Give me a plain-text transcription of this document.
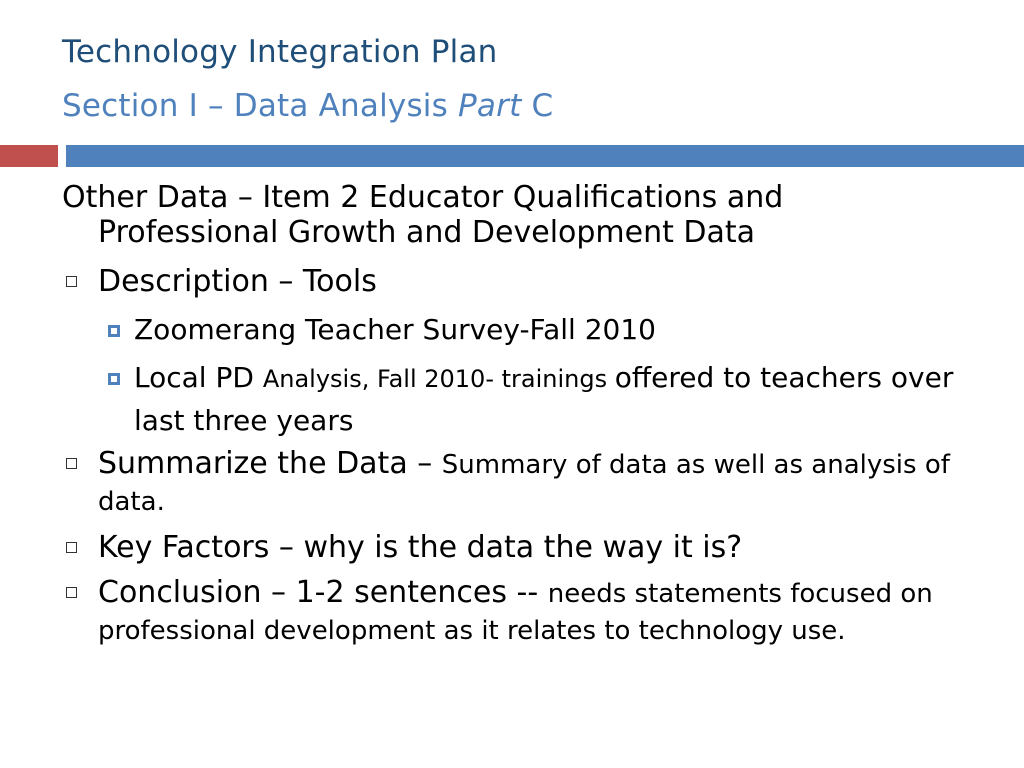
Technology Integration Plan
Section I – Data Analysis Part C

Other Data – Item 2 Educator Qualifications and Professional Growth and Development Data

Description – Tools
Zoomerang Teacher Survey-Fall 2010
Local PD Analysis, Fall 2010- trainings offered to teachers over last three years
Summarize the Data – Summary of data as well as analysis of data.
Key Factors – why is the data the way it is?
Conclusion – 1-2 sentences -- needs statements focused on professional development as it relates to technology use.
